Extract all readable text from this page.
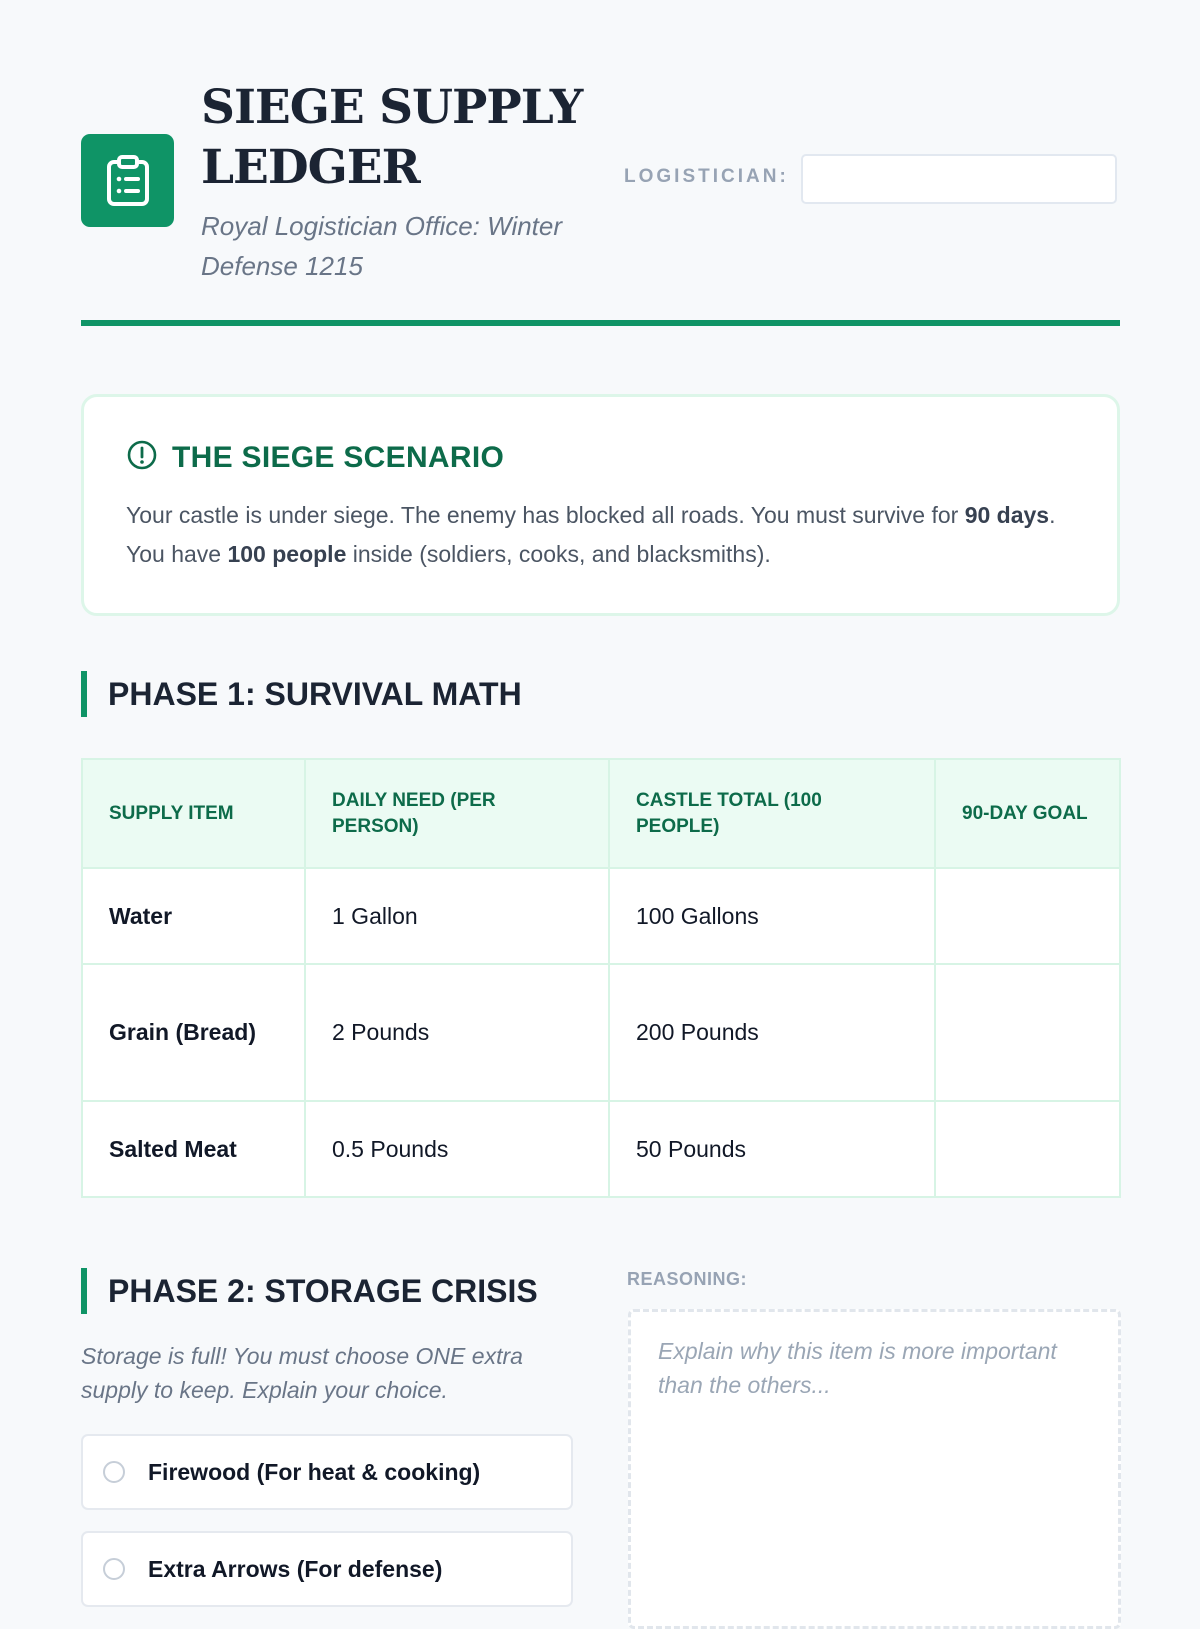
SIEGE SUPPLY LEDGER
Royal Logistician Office: Winter Defense 1215
LOGISTICIAN:
THE SIEGE SCENARIO
Your castle is under siege. The enemy has blocked all roads. You must survive for 90 days. You have 100 people inside (soldiers, cooks, and blacksmiths).
PHASE 1: SURVIVAL MATH
SUPPLY ITEM	DAILY NEED (PER PERSON)	CASTLE TOTAL (100 PEOPLE)	90-DAY GOAL
Water	1 Gallon	100 Gallons	
Grain (Bread)	2 Pounds	200 Pounds	
Salted Meat	0.5 Pounds	50 Pounds	
PHASE 2: STORAGE CRISIS
Storage is full! You must choose ONE extra supply to keep. Explain your choice.
Firewood (For heat & cooking)
Extra Arrows (For defense)
REASONING:
Explain why this item is more important than the others...
